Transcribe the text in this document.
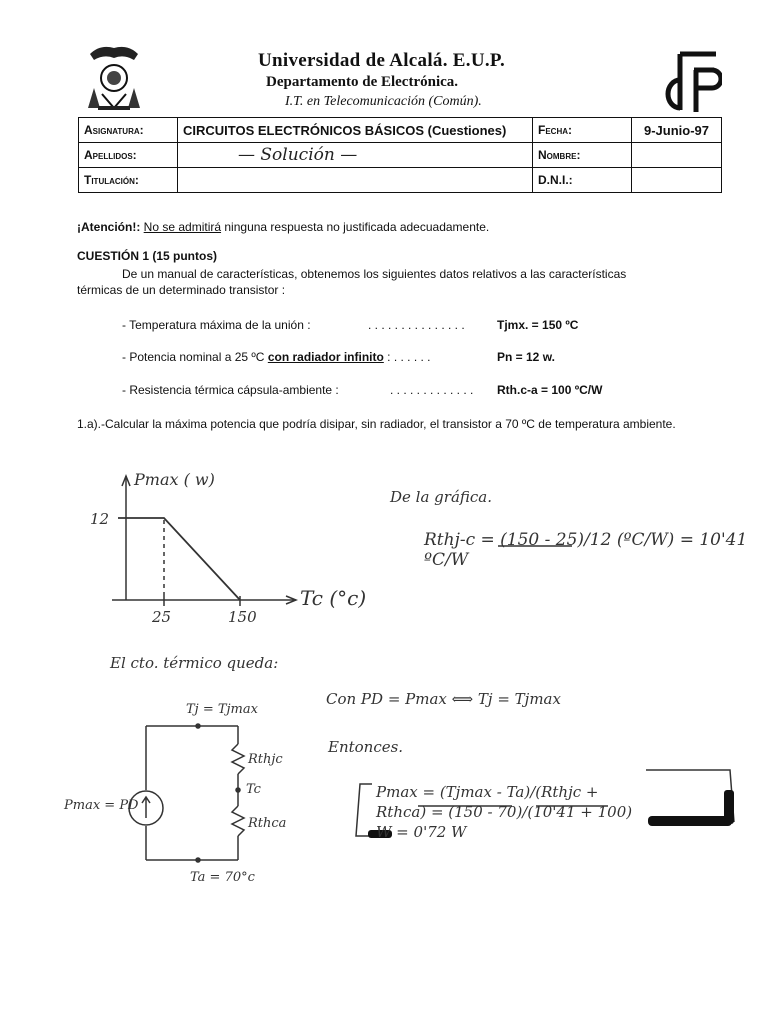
Universidad de Alcalá. E.U.P.
Departamento de Electrónica.
I.T. en Telecomunicación (Común).
Asignatura:	CIRCUITOS ELECTRÓNICOS BÁSICOS (Cuestiones)	Fecha:	9-Junio-97
Apellidos:	— Solución —	Nombre:	
Titulación:		D.N.I.:	
¡Atención!: No se admitirá ninguna respuesta no justificada adecuadamente.
CUESTIÓN 1 (15 puntos)
De un manual de características, obtenemos los siguientes datos relativos a las características
térmicas de un determinado transistor :
- Temperatura máxima de la unión :	. . . . . . . . . . . . . . .	Tjmx. = 150 ºC
- Potencia nominal a 25 ºC con radiador infinito : . . . . . .	Pn = 12 w.
- Resistencia térmica cápsula-ambiente :	. . . . . . . . . . . . . Rth.c-a = 100 ºC/W
1.a).-Calcular la máxima potencia que podría disipar, sin radiador, el transistor a 70 ºC de temperatura ambiente.
Pmax ( w)
Tc (°c)
12
25	150
De la gráfica.
Rthj-c = (150 - 25)/12 (ºC/W) = 10'41 ºC/W
El cto. térmico queda:
Con PD = Pmax ⟺ Tj = Tjmax
Entonces.
Tj = Tjmax
Rthjc
Tc
Rthca
Ta = 70°c
Pmax = PD
Pmax = (Tjmax - Ta)/(Rthjc + Rthca) = (150 - 70)/(10'41 + 100) W = 0'72 W
